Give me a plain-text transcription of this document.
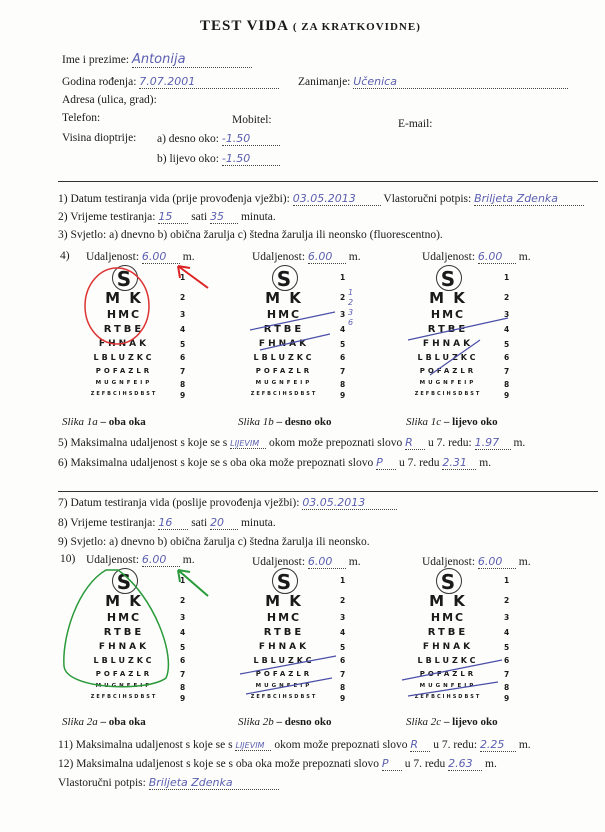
TEST VIDA ( ZA KRATKOVIDNE)
Ime i prezime: Antonija
Godina rođenja: 7.07.2001	Zanimanje: Učenica
Adresa (ulica, grad):
Telefon:	Mobitel:	E-mail:
Visina dioptrije: a) desno oko: -1.50
b) lijevo oko: -1.50
1) Datum testiranja vida (prije provođenja vježbi): 03.05.2013 Vlastoručni potpis: Briljeta Zdenka
2) Vrijeme testiranja: 15 sati 35 minuta.
3) Svjetlo: a) dnevno b) obična žarulja c) štedna žarulja ili neonsko (fluorescentno).
4) Udaljenost: 6.00 m.	Udaljenost: 6.00 m.	Udaljenost: 6.00 m.
1 2 3 6
S	1
M K	2
HMC	3
RTBE	4
FHNAK	5
LBLUZKC	6
POFAZLR	7
MUGNFEIP	8
ZEFBCIHSDBST	9
S	1
M K	2
HMC	3
RTBE	4
FHNAK	5
LBLUZKC	6
POFAZLR	7
MUGNFEIP	8
ZEFBCIHSDBST	9
S	1
M K	2
HMC	3
RTBE	4
FHNAK	5
LBLUZKC	6
POFAZLR	7
MUGNFEIP	8
ZEFBCIHSDBST	9
Slika 1a – oba oka	Slika 1b – desno oko	Slika 1c – lijevo oko
5) Maksimalna udaljenost s koje se s LIJEVIM okom može prepoznati slovo R u 7. redu: 1.97 m.
6) Maksimalna udaljenost s koje se s oba oka može prepoznati slovo P u 7. redu 2.31 m.
7) Datum testiranja vida (poslije provođenja vježbi): 03.05.2013
8) Vrijeme testiranja: 16 sati 20 minuta.
9) Svjetlo: a) dnevno b) obična žarulja c) štedna žarulja ili neonsko.
10) Udaljenost: 6.00 m.	Udaljenost: 6.00 m.	Udaljenost: 6.00 m.
S	1
M K	2
HMC	3
RTBE	4
FHNAK	5
LBLUZKC	6
POFAZLR	7
MUGNFEIP	8
ZEFBCIHSDBST	9
S	1
M K	2
HMC	3
RTBE	4
FHNAK	5
LBLUZKC	6
POFAZLR	7
MUGNFEIP	8
ZEFBCIHSDBST	9
S	1
M K	2
HMC	3
RTBE	4
FHNAK	5
LBLUZKC	6
POFAZLR	7
MUGNFEIP	8
ZEFBCIHSDBST	9
Slika 2a – oba oka	Slika 2b – desno oko	Slika 2c – lijevo oko
11) Maksimalna udaljenost s koje se s LIJEVIM okom može prepoznati slovo R u 7. redu: 2.25 m.
12) Maksimalna udaljenost s koje se s oba oka može prepoznati slovo P u 7. redu 2.63 m.
Vlastoručni potpis: Briljeta Zdenka
